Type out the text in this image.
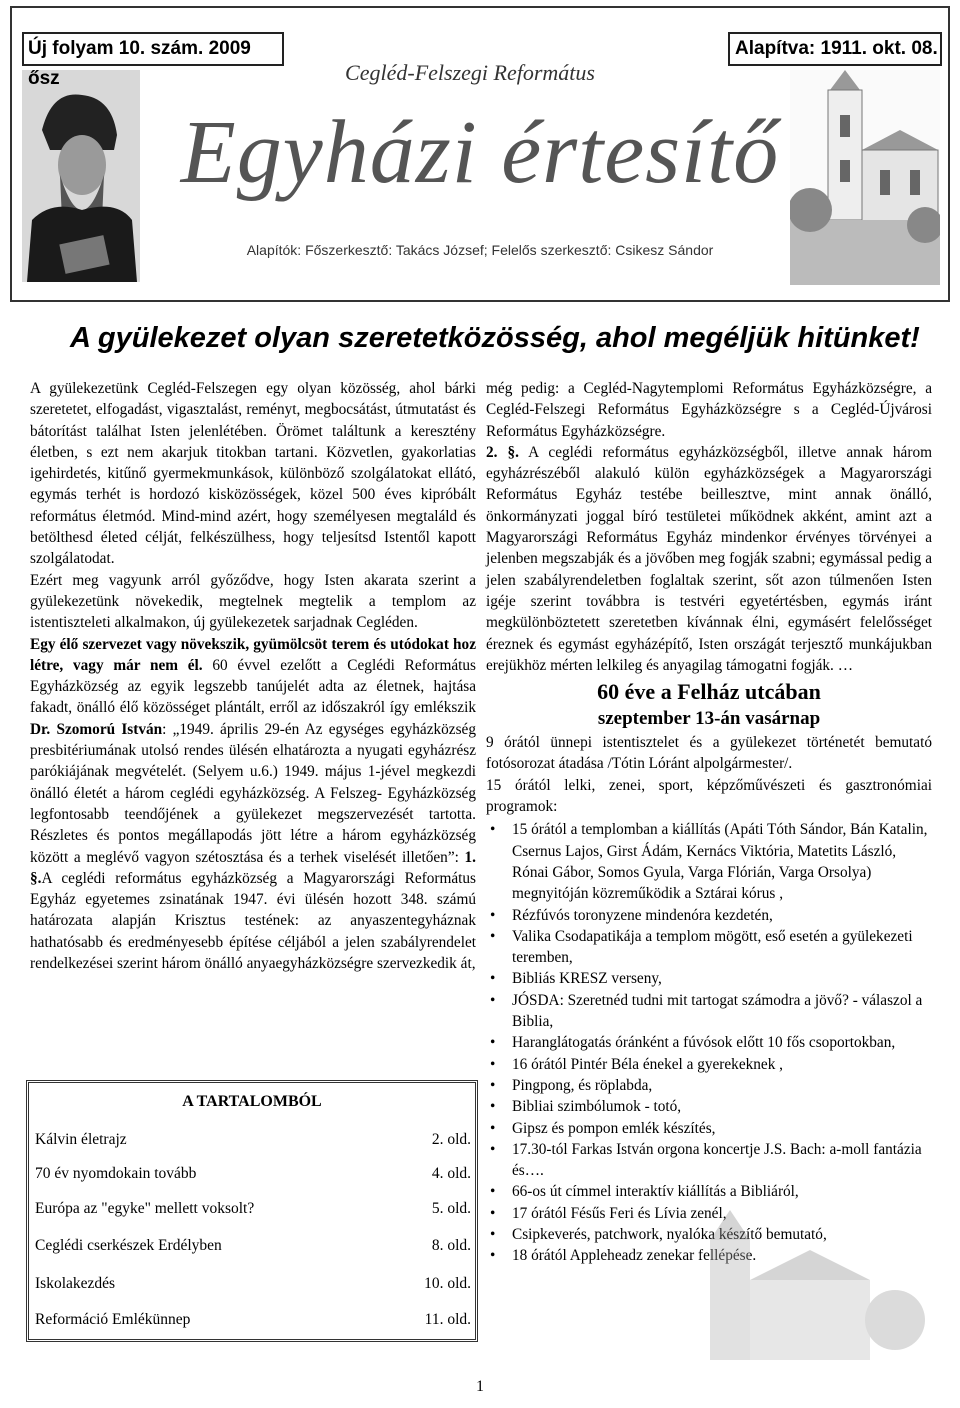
Új folyam 10. szám. 2009 ősz
Alapítva: 1911. okt. 08.
Cegléd-Felszegi Református
Egyházi értesítő
Alapítók: Főszerkesztő: Takács József; Felelős szerkesztő: Csikesz Sándor
A gyülekezet olyan szeretetközösség, ahol megéljük hitünket!

A gyülekezetünk Cegléd-Felszegen egy olyan közösség, ahol bárki szeretetet, elfogadást, vigasztalást, reményt, megbocsátást, útmutatást és bátorítást találhat Isten jelenlétében. Örömet találtunk a keresztény életben, s ezt nem akarjuk titokban tartani. Közvetlen, gyakorlatias igehirdetés, kitűnő gyermekmunkások, különböző szolgálatokat ellátó, egymás terhét is hordozó kisközösségek, közel 500 éves kipróbált református életmód. Mind-mind azért, hogy személyesen megtaláld és betölthesd életed célját, felkészülhess, hogy teljesítsd Istentől kapott szolgálatodat.

Ezért meg vagyunk arról győződve, hogy Isten akarata szerint a gyülekezetünk növekedik, megtelnek megtelik a templom az istentiszteleti alkalmakon, új gyülekezetek sarjadnak Cegléden.

Egy élő szervezet vagy növekszik, gyümölcsöt terem és utódokat hoz létre, vagy már nem él. 60 évvel ezelőtt a Ceglédi Református Egyházközség az egyik legszebb tanújelét adta az életnek, hajtása fakadt, önálló élő közösséget plántált, erről az időszakról így emlékszik Dr. Szomorú István: „1949. április 29-én Az egységes egyházközség presbitériumának utolsó rendes ülésén elhatározta a nyugati egyházrész parókiájának megvételét. (Selyem u.6.) 1949. május 1-jével megkezdi önálló életét a három ceglédi egyházközség. A Felszeg- Egyházközség legfontosabb teendőjének a gyülekezet megszervezését tartotta. Részletes és pontos megállapodás jött létre a három egyházközség között a meglévő vagyon szétosztása és a terhek viselését illetően”: 1. §.A ceglédi református egyházközség a Magyarországi Református Egyház egyetemes zsinatának 1947. évi ülésén hozott 348. számú határozata alapján Krisztus testének: az anyaszentegyháznak hathatósabb és eredményesebb építése céljából a jelen szabályrendelet rendelkezései szerint három önálló anyaegyházközségre szervezkedik át,

még pedig: a Cegléd-Nagytemplomi Református Egyházközségre, a Cegléd-Felszegi Református Egyházközségre s a Cegléd-Újvárosi Református Egyházközségre.

2. §. A ceglédi református egyházközségből, illetve annak három egyházrészéből alakuló külön egyházközségek a Magyarországi Református Egyház testébe beillesztve, mint annak önálló, önkormányzati joggal bíró testületei működnek akként, amint azt a Magyarországi Református Egyház mindenkor érvényes törvényei a jelenben megszabják és a jövőben meg fogják szabni; egymással pedig a jelen szabályrendeletben foglaltak szerint, sőt azon túlmenően Isten igéje szerint továbbra is testvéri egyetértésben, egymás iránt megkülönböztetett szeretetben kívánnak élni, egymásért felelősséget éreznek és egymást egyházépítő, Isten országát terjesztő munkájukban erejükhöz mérten lelkileg és anyagilag támogatni fogják. …

60 éve a Felház utcában
szeptember 13-án vasárnap

9 órától ünnepi istentisztelet és a gyülekezet történetét bemutató fotósorozat átadása /Tótin Lóránt alpolgármester/.

15 órától lelki, zenei, sport, képzőművészeti és gasztronómiai programok:

• 15 órától a templomban a kiállítás (Apáti Tóth Sándor, Bán Katalin, Csernus Lajos, Girst Ádám, Kernács Viktória, Matetits László, Rónai Gábor, Somos Gyula, Varga Flórián, Varga Orsolya) megnyitóján közreműködik a Sztárai kórus ,
• Rézfúvós toronyzene mindenóra kezdetén,
• Valika Csodapatikája a templom mögött, eső esetén a gyülekezeti teremben,
• Bibliás KRESZ verseny,
• JÓSDA: Szeretnéd tudni mit tartogat számodra a jövő? - válaszol a Biblia,
• Haranglátogatás óránként a fúvósok előtt 10 fős csoportokban,
• 16 órától Pintér Béla énekel a gyerekeknek ,
• Pingpong, és röplabda,
• Bibliai szimbólumok - totó,
• Gipsz és pompon emlék készítés,
• 17.30-tól Farkas István orgona koncertje J.S. Bach: a-moll fantázia és….
• 66-os út címmel interaktív kiállítás a Bibliáról,
• 17 órától Fésűs Feri és Lívia zenél,
• Csipkeverés, patchwork, nyalóka készítő bemutató,
• 18 órától Appleheadz zenekar fellépése.
A TARTALOMBÓL
Kálvin életrajz	2. old.
70 év nyomdokain tovább	4. old.
Európa az "egyke" mellett voksolt?	5. old.
Ceglédi cserkészek Erdélyben	8. old.
Iskolakezdés	10. old.
Reformáció Emlékünnep	11. old.
1
